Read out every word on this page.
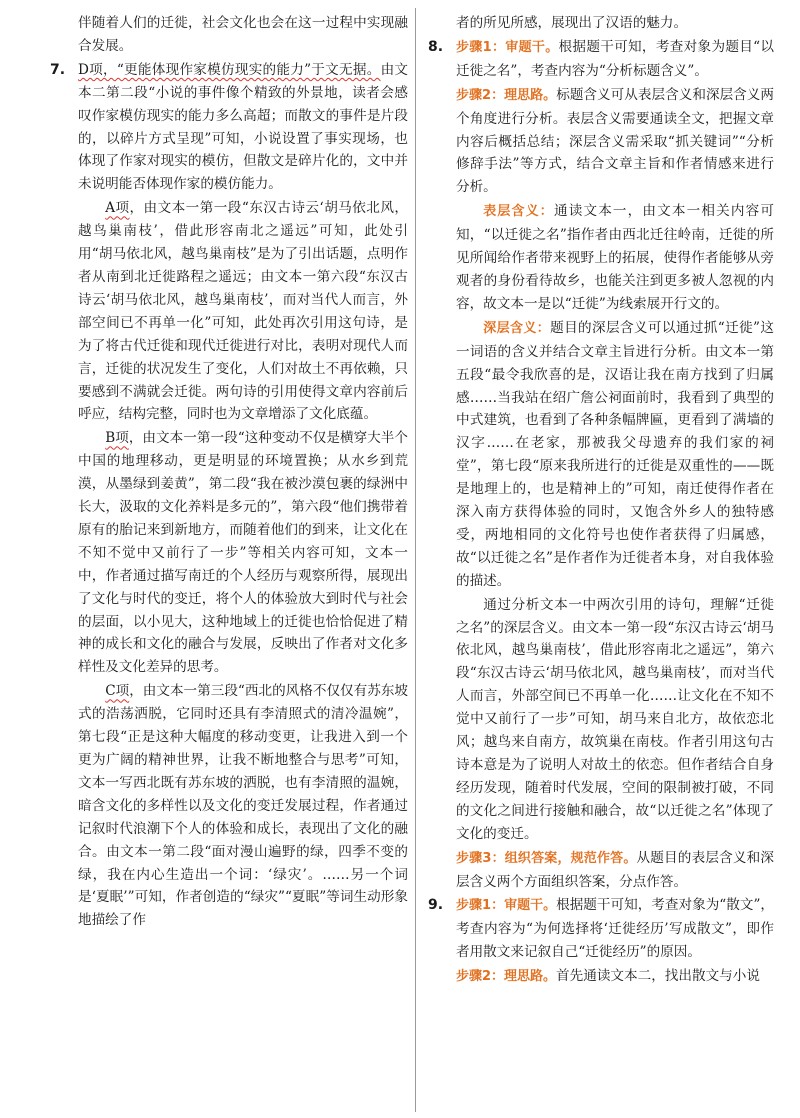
伴随着人们的迁徙，社会文化也会在这一过程中实现融合发展。

7. D项，“更能体现作家模仿现实的能力”于文无据。由文本二第二段“小说的事件像个精致的外景地，读者会感叹作家模仿现实的能力多么高超；而散文的事件是片段的，以碎片方式呈现”可知，小说设置了事实现场，也体现了作家对现实的模仿，但散文是碎片化的，文中并未说明能否体现作家的模仿能力。

A项，由文本一第一段“东汉古诗云‘胡马依北风，越鸟巢南枝’，借此形容南北之遥远”可知，此处引用“胡马依北风，越鸟巢南枝”是为了引出话题，点明作者从南到北迁徙路程之遥远；由文本一第六段“东汉古诗云‘胡马依北风，越鸟巢南枝’，而对当代人而言，外部空间已不再单一化”可知，此处再次引用这句诗，是为了将古代迁徙和现代迁徙进行对比，表明对现代人而言，迁徙的状况发生了变化，人们对故土不再依赖，只要感到不满就会迁徙。两句诗的引用使得文章内容前后呼应，结构完整，同时也为文章增添了文化底蕴。

B项，由文本一第一段“这种变动不仅是横穿大半个中国的地理移动，更是明显的环境置换；从水乡到荒漠，从墨绿到姜黄”，第二段“我在被沙漠包裹的绿洲中长大，汲取的文化养料是多元的”，第六段“他们携带着原有的胎记来到新地方，而随着他们的到来，让文化在不知不觉中又前行了一步”等相关内容可知，文本一中，作者通过描写南迁的个人经历与观察所得，展现出了文化与时代的变迁，将个人的体验放大到时代与社会的层面，以小见大，这种地域上的迁徙也恰恰促进了精神的成长和文化的融合与发展，反映出了作者对文化多样性及文化差异的思考。

C项，由文本一第三段“西北的风格不仅仅有苏东坡式的浩荡洒脱，它同时还具有李清照式的清冷温婉”，第七段“正是这种大幅度的移动变更，让我进入到一个更为广阔的精神世界，让我不断地整合与思考”可知，文本一写西北既有苏东坡的洒脱，也有李清照的温婉，暗含文化的多样性以及文化的变迁发展过程，作者通过记叙时代浪潮下个人的体验和成长，表现出了文化的融合。由文本一第二段“面对漫山遍野的绿，四季不变的绿，我在内心生造出一个词：‘绿灾’。……另一个词是‘夏眠’”可知，作者创造的“绿灾”“夏眠”等词生动形象地描绘了作

者的所见所感，展现出了汉语的魅力。

8. 步骤1：审题干。根据题干可知，考查对象为题目“以迁徙之名”，考查内容为“分析标题含义”。

步骤2：理思路。标题含义可从表层含义和深层含义两个角度进行分析。表层含义需要通读全文，把握文章内容后概括总结；深层含义需采取“抓关键词”“分析修辞手法”等方式，结合文章主旨和作者情感来进行分析。

表层含义：通读文本一，由文本一相关内容可知，“以迁徙之名”指作者由西北迁往岭南，迁徙的所见所闻给作者带来视野上的拓展，使得作者能够从旁观者的身份看待故乡，也能关注到更多被人忽视的内容，故文本一是以“迁徙”为线索展开行文的。

深层含义：题目的深层含义可以通过抓“迁徙”这一词语的含义并结合文章主旨进行分析。由文本一第五段“最令我欣喜的是，汉语让我在南方找到了归属感……当我站在绍广詹公祠面前时，我看到了典型的中式建筑，也看到了各种条幅牌匾，更看到了满墙的汉字……在老家，那被我父母遗弃的我们家的祠堂”，第七段“原来我所进行的迁徙是双重性的——既是地理上的，也是精神上的”可知，南迁使得作者在深入南方获得体验的同时，又饱含外乡人的独特感受，两地相同的文化符号也使作者获得了归属感，故“以迁徙之名”是作者作为迁徙者本身，对自我体验的描述。

通过分析文本一中两次引用的诗句，理解“迁徙之名”的深层含义。由文本一第一段“东汉古诗云‘胡马依北风，越鸟巢南枝’，借此形容南北之遥远”，第六段“东汉古诗云‘胡马依北风，越鸟巢南枝’，而对当代人而言，外部空间已不再单一化……让文化在不知不觉中又前行了一步”可知，胡马来自北方，故依恋北风；越鸟来自南方，故筑巢在南枝。作者引用这句古诗本意是为了说明人对故土的依恋。但作者结合自身经历发现，随着时代发展，空间的限制被打破，不同的文化之间进行接触和融合，故“以迁徙之名”体现了文化的变迁。

步骤3：组织答案，规范作答。从题目的表层含义和深层含义两个方面组织答案，分点作答。

9. 步骤1：审题干。根据题干可知，考查对象为“散文”，考查内容为“为何选择将‘迁徙经历’写成散文”，即作者用散文来记叙自己“迁徙经历”的原因。

步骤2：理思路。首先通读文本二，找出散文与小说
